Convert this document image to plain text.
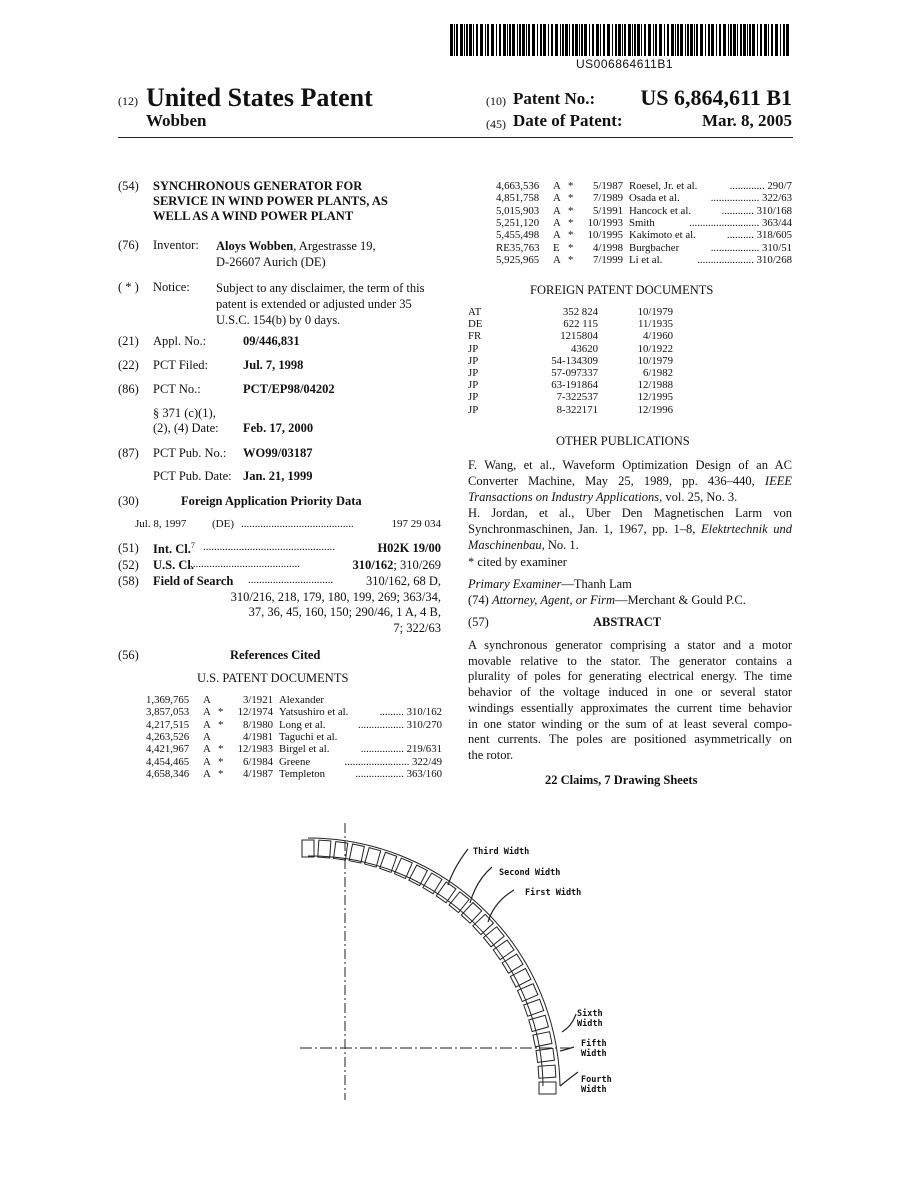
US006864611B1
(12) United States Patent
Wobben
(10) Patent No.: US 6,864,611 B1
(45) Date of Patent:	Mar. 8, 2005
(54) SYNCHRONOUS GENERATOR FOR
SERVICE IN WIND POWER PLANTS, AS
WELL AS A WIND POWER PLANT
(76) Inventor: Aloys Wobben, Argestrasse 19,
D-26607 Aurich (DE)
( * ) Notice: Subject to any disclaimer, the term of this
patent is extended or adjusted under 35
U.S.C. 154(b) by 0 days.
(21) Appl. No.:	09/446,831
(22) PCT Filed:	Jul. 7, 1998
(86) PCT No.:	PCT/EP98/04202
§ 371 (c)(1),
(2), (4) Date: Feb. 17, 2000
(87) PCT Pub. No.: WO99/03187
PCT Pub. Date: Jan. 21, 1999
(30)	Foreign Application Priority Data
Jul. 8, 1997 (DE) .........................................	197 29 034
(51) Int. Cl.$^7$ ................................................	H02K 19/00
(52) U.S. Cl.
........................................	310/162; 310/269
(58) Field of Search ...............................	310/162, 68 D,
310/216, 218, 179, 180, 199, 269; 363/34,
37, 36, 45, 160, 150; 290/46, 1 A, 4 B,
7; 322/63
(56)	References Cited
U.S. PATENT DOCUMENTS
1,369,765 A	3/1921 Alexander
3,857,053 A * 12/1974 Yatsushiro et al.	......... 310/162
4,217,515 A * 8/1980 Long et al.	................. 310/270
4,263,526 A	4/1981 Taguchi et al.
4,421,967 A * 12/1983 Birgel et al.	................ 219/631
4,454,465 A * 6/1984 Greene	........................ 322/49
4,658,346 A * 4/1987 Templeton	.................. 363/160
4,663,536 A * 5/1987 Roesel, Jr. et al.	............. 290/7
4,851,758 A * 7/1989 Osada et al.	.................. 322/63
5,015,903 A * 5/1991 Hancock et al.	............ 310/168
5,251,120 A * 10/1993 Smith	.......................... 363/44
5,455,498 A * 10/1995 Kakimoto et al.	.......... 318/605
RE35,763 E * 4/1998 Burgbacher	.................. 310/51
5,925,965 A * 7/1999 Li et al.	..................... 310/268
FOREIGN PATENT DOCUMENTS
AT	352 824	10/1979
DE	622 115	11/1935
FR	1215804	4/1960
JP	43620	10/1922
JP	54-134309	10/1979
JP	57-097337	6/1982
JP	63-191864	12/1988
JP	7-322537	12/1995
JP	8-322171	12/1996
OTHER PUBLICATIONS
F. Wang, et al., Waveform Optimization Design of an AC Converter Machine, May 25, 1989, pp. 436–440, IEEE Transactions on Industry Applications, vol. 25, No. 3.
H. Jordan, et al., Uber Den Magnetischen Larm von Synchronmaschinen, Jan. 1, 1967, pp. 1–8, Elektrtechnik und Maschinenbau, No. 1.
* cited by examiner
Primary Examiner—Thanh Lam
(74) Attorney, Agent, or Firm—Merchant & Gould P.C.
(57)	ABSTRACT
A synchronous generator comprising a stator and a motor
movable relative to the stator. The generator contains a
plurality of poles for generating electrical energy. The time
behavior of the voltage induced in one or several stator
windings essentially approximates the current time behavior
in one stator winding or the sum of at least several compo-
nent currents. The poles are positioned asymmetrically on
the rotor.
22 Claims, 7 Drawing Sheets
Third Width
Second Width
First Width
Sixth
Width
Fifth
Width
Fourth
Width
